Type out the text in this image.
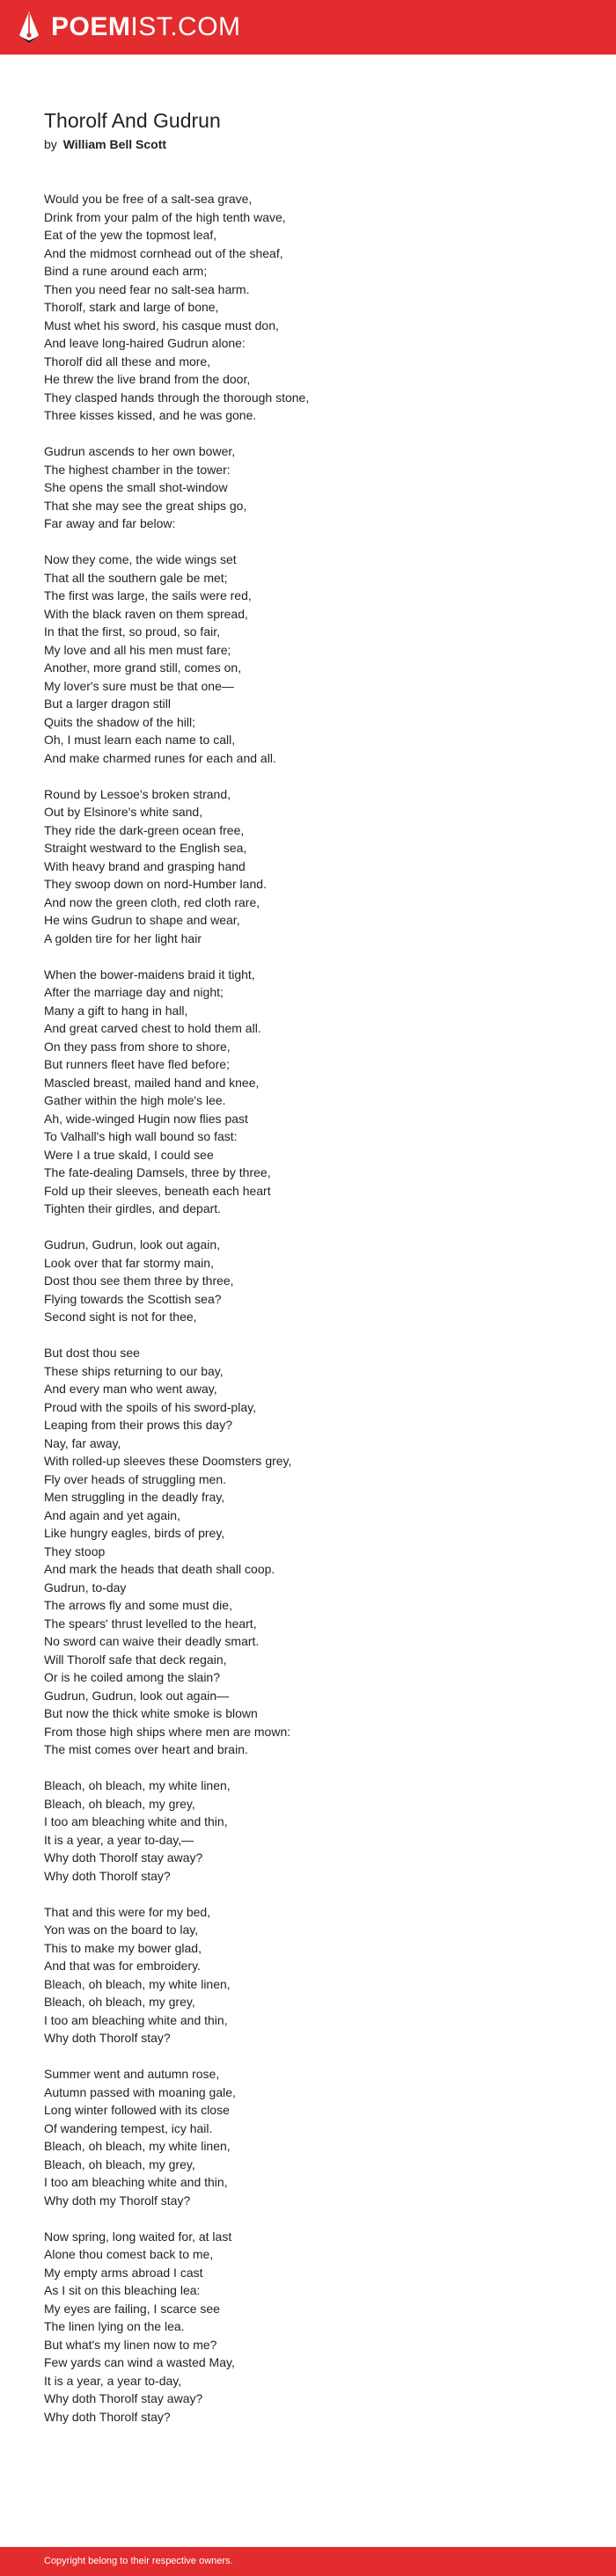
POEMIST.COM
Thorolf And Gudrun
by William Bell Scott
Would you be free of a salt-sea grave,
Drink from your palm of the high tenth wave,
Eat of the yew the topmost leaf,
And the midmost cornhead out of the sheaf,
Bind a rune around each arm;
Then you need fear no salt-sea harm.
Thorolf, stark and large of bone,
Must whet his sword, his casque must don,
And leave long-haired Gudrun alone:
Thorolf did all these and more,
He threw the live brand from the door,
They clasped hands through the thorough stone,
Three kisses kissed, and he was gone.
Gudrun ascends to her own bower,
The highest chamber in the tower:
She opens the small shot-window
That she may see the great ships go,
Far away and far below:
Now they come, the wide wings set
That all the southern gale be met;
The first was large, the sails were red,
With the black raven on them spread,
In that the first, so proud, so fair,
My love and all his men must fare;
Another, more grand still, comes on,
My lover's sure must be that one—
But a larger dragon still
Quits the shadow of the hill;
Oh, I must learn each name to call,
And make charmed runes for each and all.
Round by Lessoe's broken strand,
Out by Elsinore's white sand,
They ride the dark-green ocean free,
Straight westward to the English sea,
With heavy brand and grasping hand
They swoop down on nord-Humber land.
And now the green cloth, red cloth rare,
He wins Gudrun to shape and wear,
A golden tire for her light hair
When the bower-maidens braid it tight,
After the marriage day and night;
Many a gift to hang in hall,
And great carved chest to hold them all.
On they pass from shore to shore,
But runners fleet have fled before;
Mascled breast, mailed hand and knee,
Gather within the high mole's lee.
Ah, wide-winged Hugin now flies past
To Valhall's high wall bound so fast:
Were I a true skald, I could see
The fate-dealing Damsels, three by three,
Fold up their sleeves, beneath each heart
Tighten their girdles, and depart.
Gudrun, Gudrun, look out again,
Look over that far stormy main,
Dost thou see them three by three,
Flying towards the Scottish sea?
Second sight is not for thee,
But dost thou see
These ships returning to our bay,
And every man who went away,
Proud with the spoils of his sword-play,
Leaping from their prows this day?
Nay, far away,
With rolled-up sleeves these Doomsters grey,
Fly over heads of struggling men.
Men struggling in the deadly fray,
And again and yet again,
Like hungry eagles, birds of prey,
They stoop
And mark the heads that death shall coop.
Gudrun, to-day
The arrows fly and some must die,
The spears' thrust levelled to the heart,
No sword can waive their deadly smart.
Will Thorolf safe that deck regain,
Or is he coiled among the slain?
Gudrun, Gudrun, look out again—
But now the thick white smoke is blown
From those high ships where men are mown:
The mist comes over heart and brain.
Bleach, oh bleach, my white linen,
Bleach, oh bleach, my grey,
I too am bleaching white and thin,
It is a year, a year to-day,—
Why doth Thorolf stay away?
Why doth Thorolf stay?
That and this were for my bed,
Yon was on the board to lay,
This to make my bower glad,
And that was for embroidery.
Bleach, oh bleach, my white linen,
Bleach, oh bleach, my grey,
I too am bleaching white and thin,
Why doth Thorolf stay?
Summer went and autumn rose,
Autumn passed with moaning gale,
Long winter followed with its close
Of wandering tempest, icy hail.
Bleach, oh bleach, my white linen,
Bleach, oh bleach, my grey,
I too am bleaching white and thin,
Why doth my Thorolf stay?
Now spring, long waited for, at last
Alone thou comest back to me,
My empty arms abroad I cast
As I sit on this bleaching lea:
My eyes are failing, I scarce see
The linen lying on the lea.
But what's my linen now to me?
Few yards can wind a wasted May,
It is a year, a year to-day,
Why doth Thorolf stay away?
Why doth Thorolf stay?
Copyright belong to their respective owners.
